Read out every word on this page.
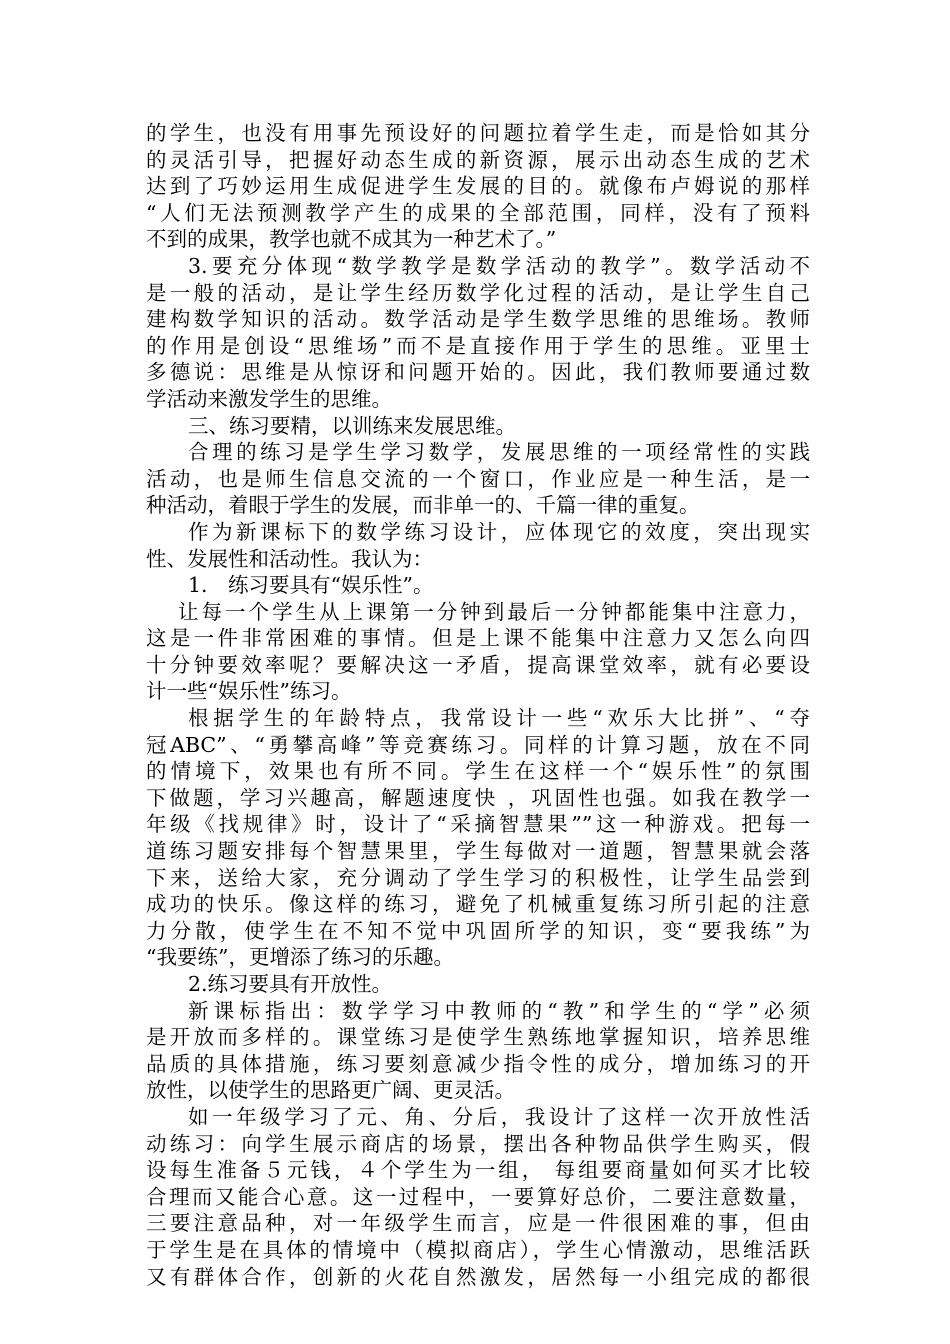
的学生，也没有用事先预设好的问题拉着学生走，而是恰如其分
的灵活引导，把握好动态生成的新资源，展示出动态生成的艺术
达到了巧妙运用生成促进学生发展的目的。就像布卢姆说的那样
“人们无法预测教学产生的成果的全部范围，同样，没有了预料
不到的成果，教学也就不成其为一种艺术了。”
3.要充分体现“数学教学是数学活动的教学”。数学活动不
是一般的活动，是让学生经历数学化过程的活动，是让学生自己
建构数学知识的活动。数学活动是学生数学思维的思维场。教师
的作用是创设“思维场”而不是直接作用于学生的思维。亚里士
多德说：思维是从惊讶和问题开始的。因此，我们教师要通过数
学活动来激发学生的思维。
三、练习要精，以训练来发展思维。
合理的练习是学生学习数学，发展思维的一项经常性的实践
活动，也是师生信息交流的一个窗口，作业应是一种生活，是一
种活动，着眼于学生的发展，而非单一的、千篇一律的重复。
作为新课标下的数学练习设计，应体现它的效度，突出现实
性、发展性和活动性。我认为：
1.　练习要具有“娱乐性”。
让每一个学生从上课第一分钟到最后一分钟都能集中注意力，
这是一件非常困难的事情。但是上课不能集中注意力又怎么向四
十分钟要效率呢？要解决这一矛盾，提高课堂效率，就有必要设
计一些“娱乐性”练习。
根据学生的年龄特点，我常设计一些“欢乐大比拼”、“夺
冠ABC”、“勇攀高峰”等竞赛练习。同样的计算习题，放在不同
的情境下，效果也有所不同。学生在这样一个“娱乐性”的氛围
下做题，学习兴趣高，解题速度快 ，巩固性也强。如我在教学一
年级《找规律》时，设计了“采摘智慧果””这一种游戏。把每一
道练习题安排每个智慧果里，学生每做对一道题，智慧果就会落
下来，送给大家，充分调动了学生学习的积极性，让学生品尝到
成功的快乐。像这样的练习，避免了机械重复练习所引起的注意
力分散，使学生在不知不觉中巩固所学的知识，变“要我练”为
“我要练”，更增添了练习的乐趣。
2.练习要具有开放性。
新课标指出：数学学习中教师的“教”和学生的“学”必须
是开放而多样的。课堂练习是使学生熟练地掌握知识，培养思维
品质的具体措施，练习要刻意减少指令性的成分，增加练习的开
放性，以使学生的思路更广阔、更灵活。
如一年级学习了元、角、分后，我设计了这样一次开放性活
动练习：向学生展示商店的场景，摆出各种物品供学生购买，假
设每生准备５元钱，４个学生为一组， 每组要商量如何买才比较
合理而又能合心意。这一过程中，一要算好总价，二要注意数量，
三要注意品种，对一年级学生而言，应是一件很困难的事，但由
于学生是在具体的情境中（模拟商店），学生心情激动，思维活跃
又有群体合作，创新的火花自然激发，居然每一小组完成的都很
